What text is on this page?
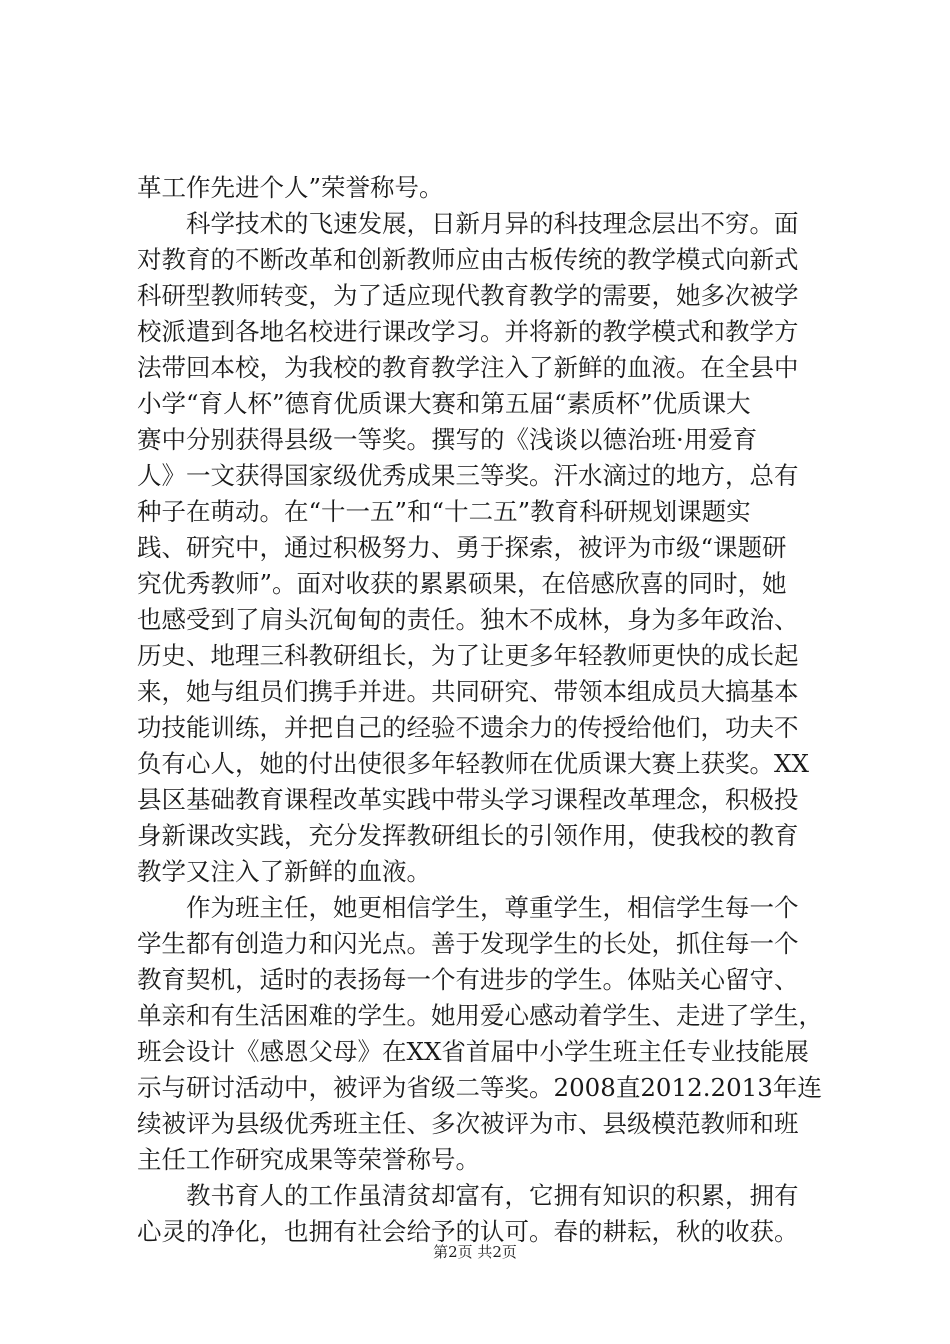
革工作先进个人”荣誉称号。
　　科学技术的飞速发展，日新月异的科技理念层出不穷。面
对教育的不断改革和创新教师应由古板传统的教学模式向新式
科研型教师转变，为了适应现代教育教学的需要，她多次被学
校派遣到各地名校进行课改学习。并将新的教学模式和教学方
法带回本校，为我校的教育教学注入了新鲜的血液。在全县中
小学“育人杯”德育优质课大赛和第五届“素质杯”优质课大
赛中分别获得县级一等奖。撰写的《浅谈以德治班·用爱育
人》一文获得国家级优秀成果三等奖。汗水滴过的地方，总有
种子在萌动。在“十一五”和“十二五”教育科研规划课题实
践、研究中，通过积极努力、勇于探索，被评为市级“课题研
究优秀教师”。面对收获的累累硕果，在倍感欣喜的同时，她
也感受到了肩头沉甸甸的责任。独木不成林，身为多年政治、
历史、地理三科教研组长，为了让更多年轻教师更快的成长起
来，她与组员们携手并进。共同研究、带领本组成员大搞基本
功技能训练，并把自己的经验不遗余力的传授给他们，功夫不
负有心人，她的付出使很多年轻教师在优质课大赛上获奖。XX
县区基础教育课程改革实践中带头学习课程改革理念，积极投
身新课改实践，充分发挥教研组长的引领作用，使我校的教育
教学又注入了新鲜的血液。
　　作为班主任，她更相信学生，尊重学生，相信学生每一个
学生都有创造力和闪光点。善于发现学生的长处，抓住每一个
教育契机，适时的表扬每一个有进步的学生。体贴关心留守、
单亲和有生活困难的学生。她用爱心感动着学生、走进了学生，
班会设计《感恩父母》在XX省首届中小学生班主任专业技能展
示与研讨活动中，被评为省级二等奖。2008直2012.2013年连
续被评为县级优秀班主任、多次被评为市、县级模范教师和班
主任工作研究成果等荣誉称号。
　　教书育人的工作虽清贫却富有，它拥有知识的积累，拥有
心灵的净化，也拥有社会给予的认可。春的耕耘，秋的收获。
第2页 共2页
